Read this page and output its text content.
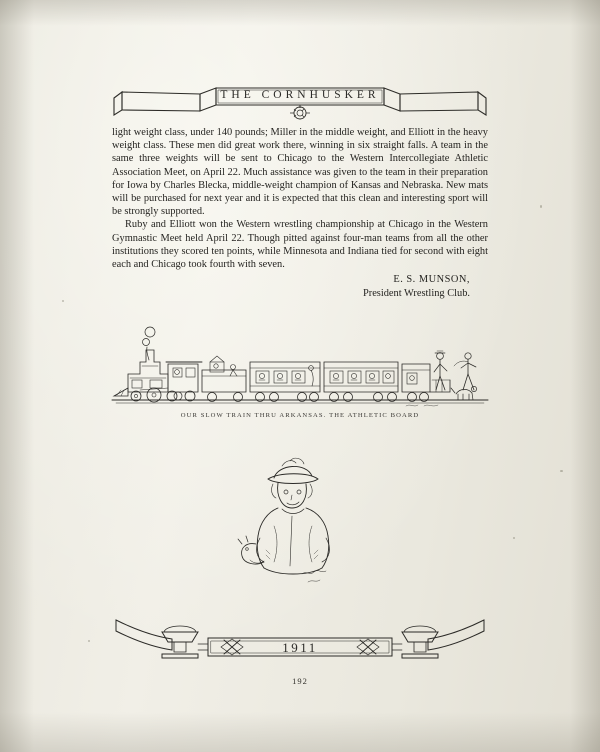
THE CORNHUSKER

light weight class, under 140 pounds; Miller in the middle weight, and Elliott in the heavy weight class. These men did great work there, winning in six straight falls. A team in the same three weights will be sent to Chicago to the Western Intercollegiate Athletic Association Meet, on April 22. Much assistance was given to the team in their preparation for Iowa by Charles Blecka, middle-weight champion of Kansas and Nebraska. New mats will be purchased for next year and it is expected that this clean and interesting sport will be strongly supported.

Ruby and Elliott won the Western wrestling championship at Chicago in the Western Gymnastic Meet held April 22. Though pitted against four-man teams from all the other institutions they scored ten points, while Minnesota and Indiana tied for second with eight each and Chicago took fourth with seven.

E. S. MUNSON,
President Wrestling Club.
OUR SLOW TRAIN THRU ARKANSAS. THE ATHLETIC BOARD
1911
192
